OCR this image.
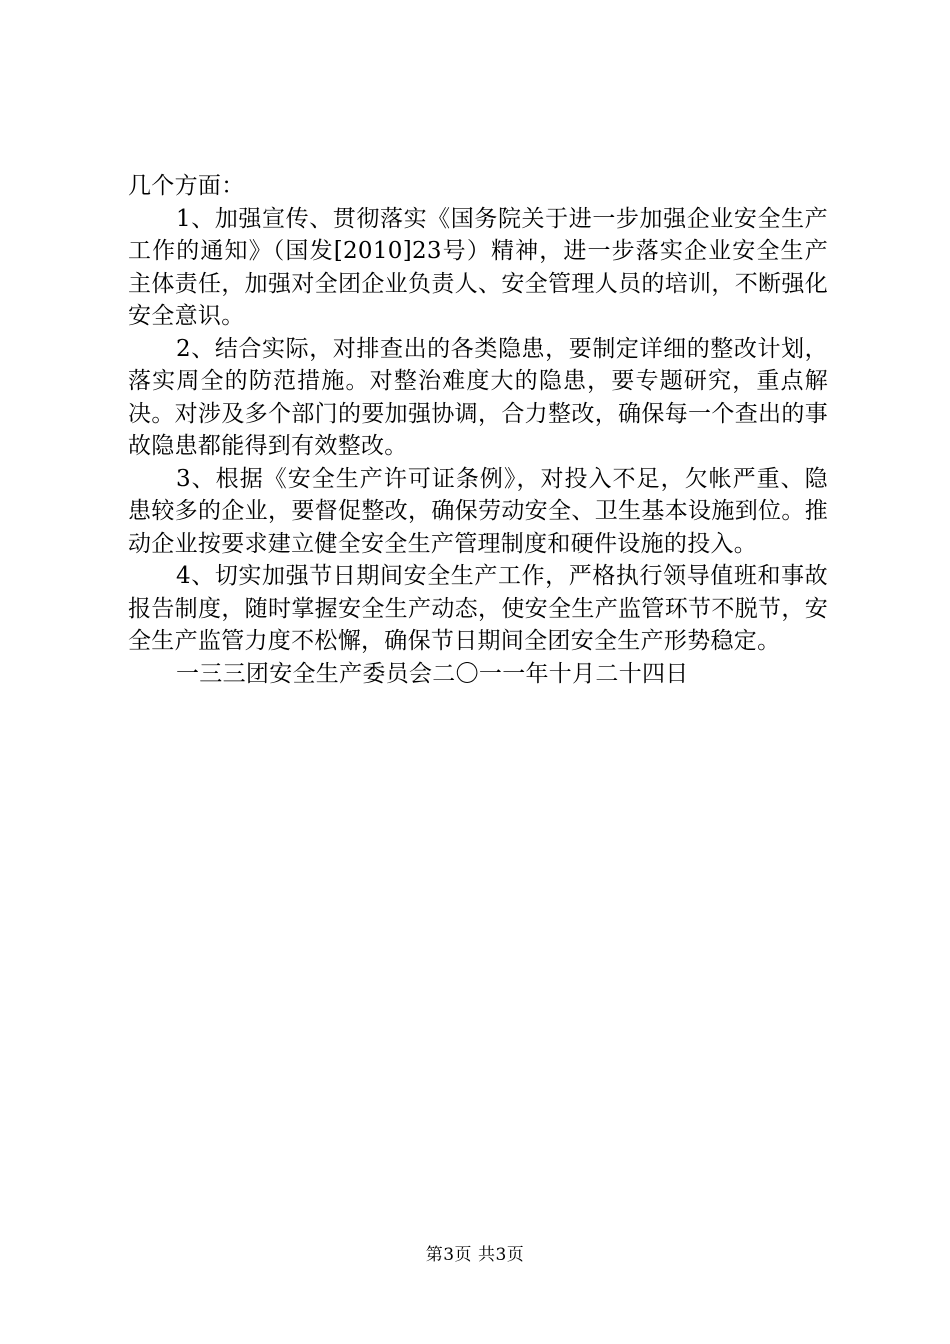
几个方面：

1、加强宣传、贯彻落实《国务院关于进一步加强企业安全生产工作的通知》（国发[2010]23号）精神，进一步落实企业安全生产主体责任，加强对全团企业负责人、安全管理人员的培训，不断强化安全意识。

2、结合实际，对排查出的各类隐患，要制定详细的整改计划，落实周全的防范措施。对整治难度大的隐患，要专题研究，重点解决。对涉及多个部门的要加强协调，合力整改，确保每一个查出的事故隐患都能得到有效整改。

3、根据《安全生产许可证条例》，对投入不足，欠帐严重、隐患较多的企业，要督促整改，确保劳动安全、卫生基本设施到位。推动企业按要求建立健全安全生产管理制度和硬件设施的投入。

4、切实加强节日期间安全生产工作，严格执行领导值班和事故报告制度，随时掌握安全生产动态，使安全生产监管环节不脱节，安全生产监管力度不松懈，确保节日期间全团安全生产形势稳定。

一三三团安全生产委员会二〇一一年十月二十四日

第3页 共3页
